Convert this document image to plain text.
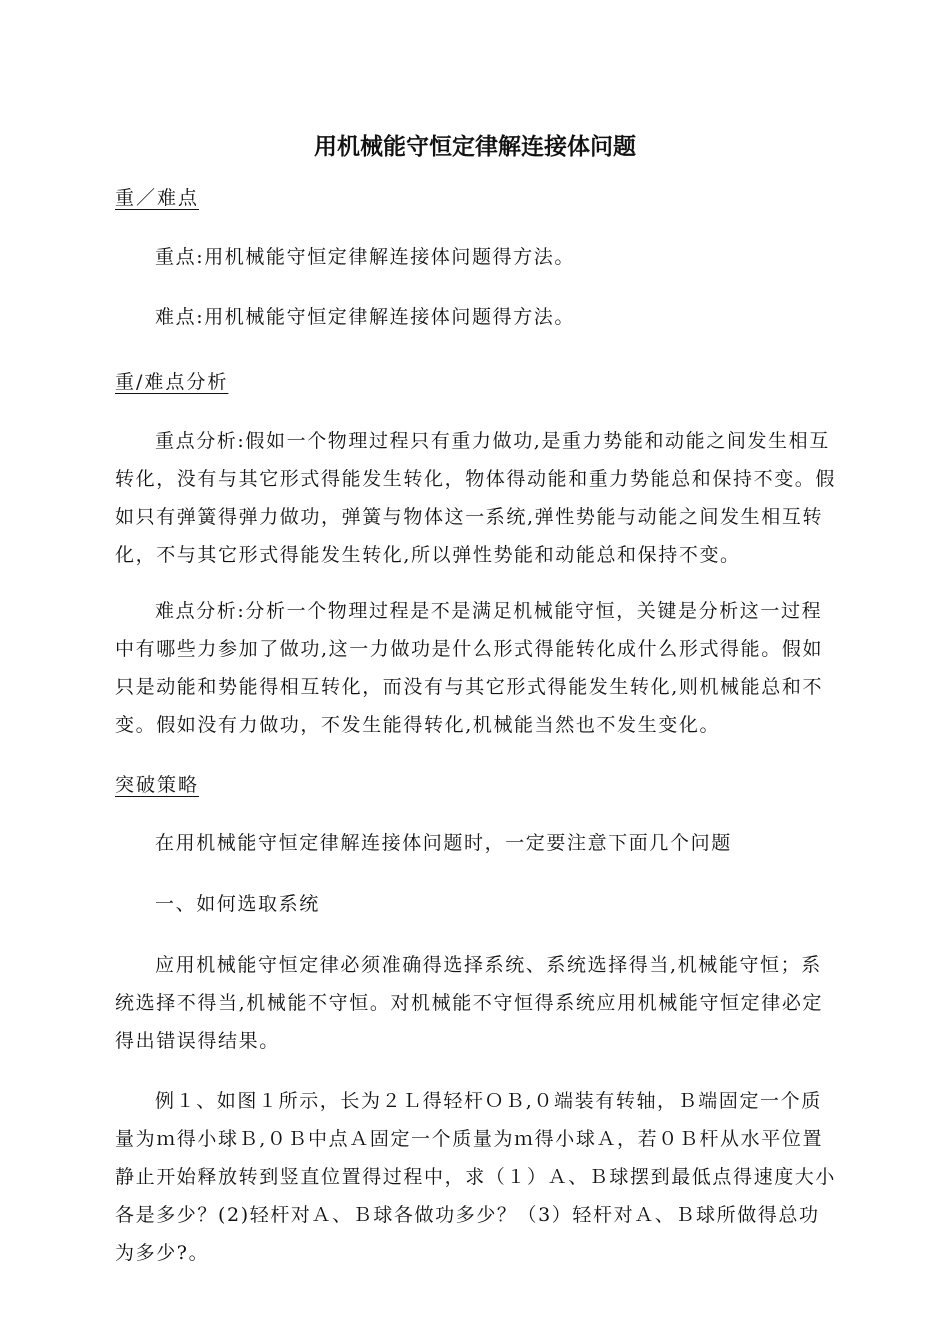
用机械能守恒定律解连接体问题
重／难点

重点:用机械能守恒定律解连接体问题得方法。

难点:用机械能守恒定律解连接体问题得方法。

重/难点分析

重点分析:假如一个物理过程只有重力做功,是重力势能和动能之间发生相互转化，没有与其它形式得能发生转化，物体得动能和重力势能总和保持不变。假如只有弹簧得弹力做功，弹簧与物体这一系统,弹性势能与动能之间发生相互转化，不与其它形式得能发生转化,所以弹性势能和动能总和保持不变。

难点分析:分析一个物理过程是不是满足机械能守恒，关键是分析这一过程中有哪些力参加了做功,这一力做功是什么形式得能转化成什么形式得能。假如只是动能和势能得相互转化，而没有与其它形式得能发生转化,则机械能总和不变。假如没有力做功，不发生能得转化,机械能当然也不发生变化。

突破策略

在用机械能守恒定律解连接体问题时，一定要注意下面几个问题

一、如何选取系统

应用机械能守恒定律必须准确得选择系统、系统选择得当,机械能守恒；系统选择不得当,机械能不守恒。对机械能不守恒得系统应用机械能守恒定律必定得出错误得结果。

例１、如图１所示，长为２Ｌ得轻杆ＯＢ,０端装有转轴，Ｂ端固定一个质量为ｍ得小球Ｂ,０Ｂ中点Ａ固定一个质量为ｍ得小球Ａ，若０Ｂ杆从水平位置静止开始释放转到竖直位置得过程中，求（１）Ａ、Ｂ球摆到最低点得速度大小各是多少？(2)轻杆对Ａ、Ｂ球各做功多少？（3）轻杆对Ａ、Ｂ球所做得总功为多少?。
